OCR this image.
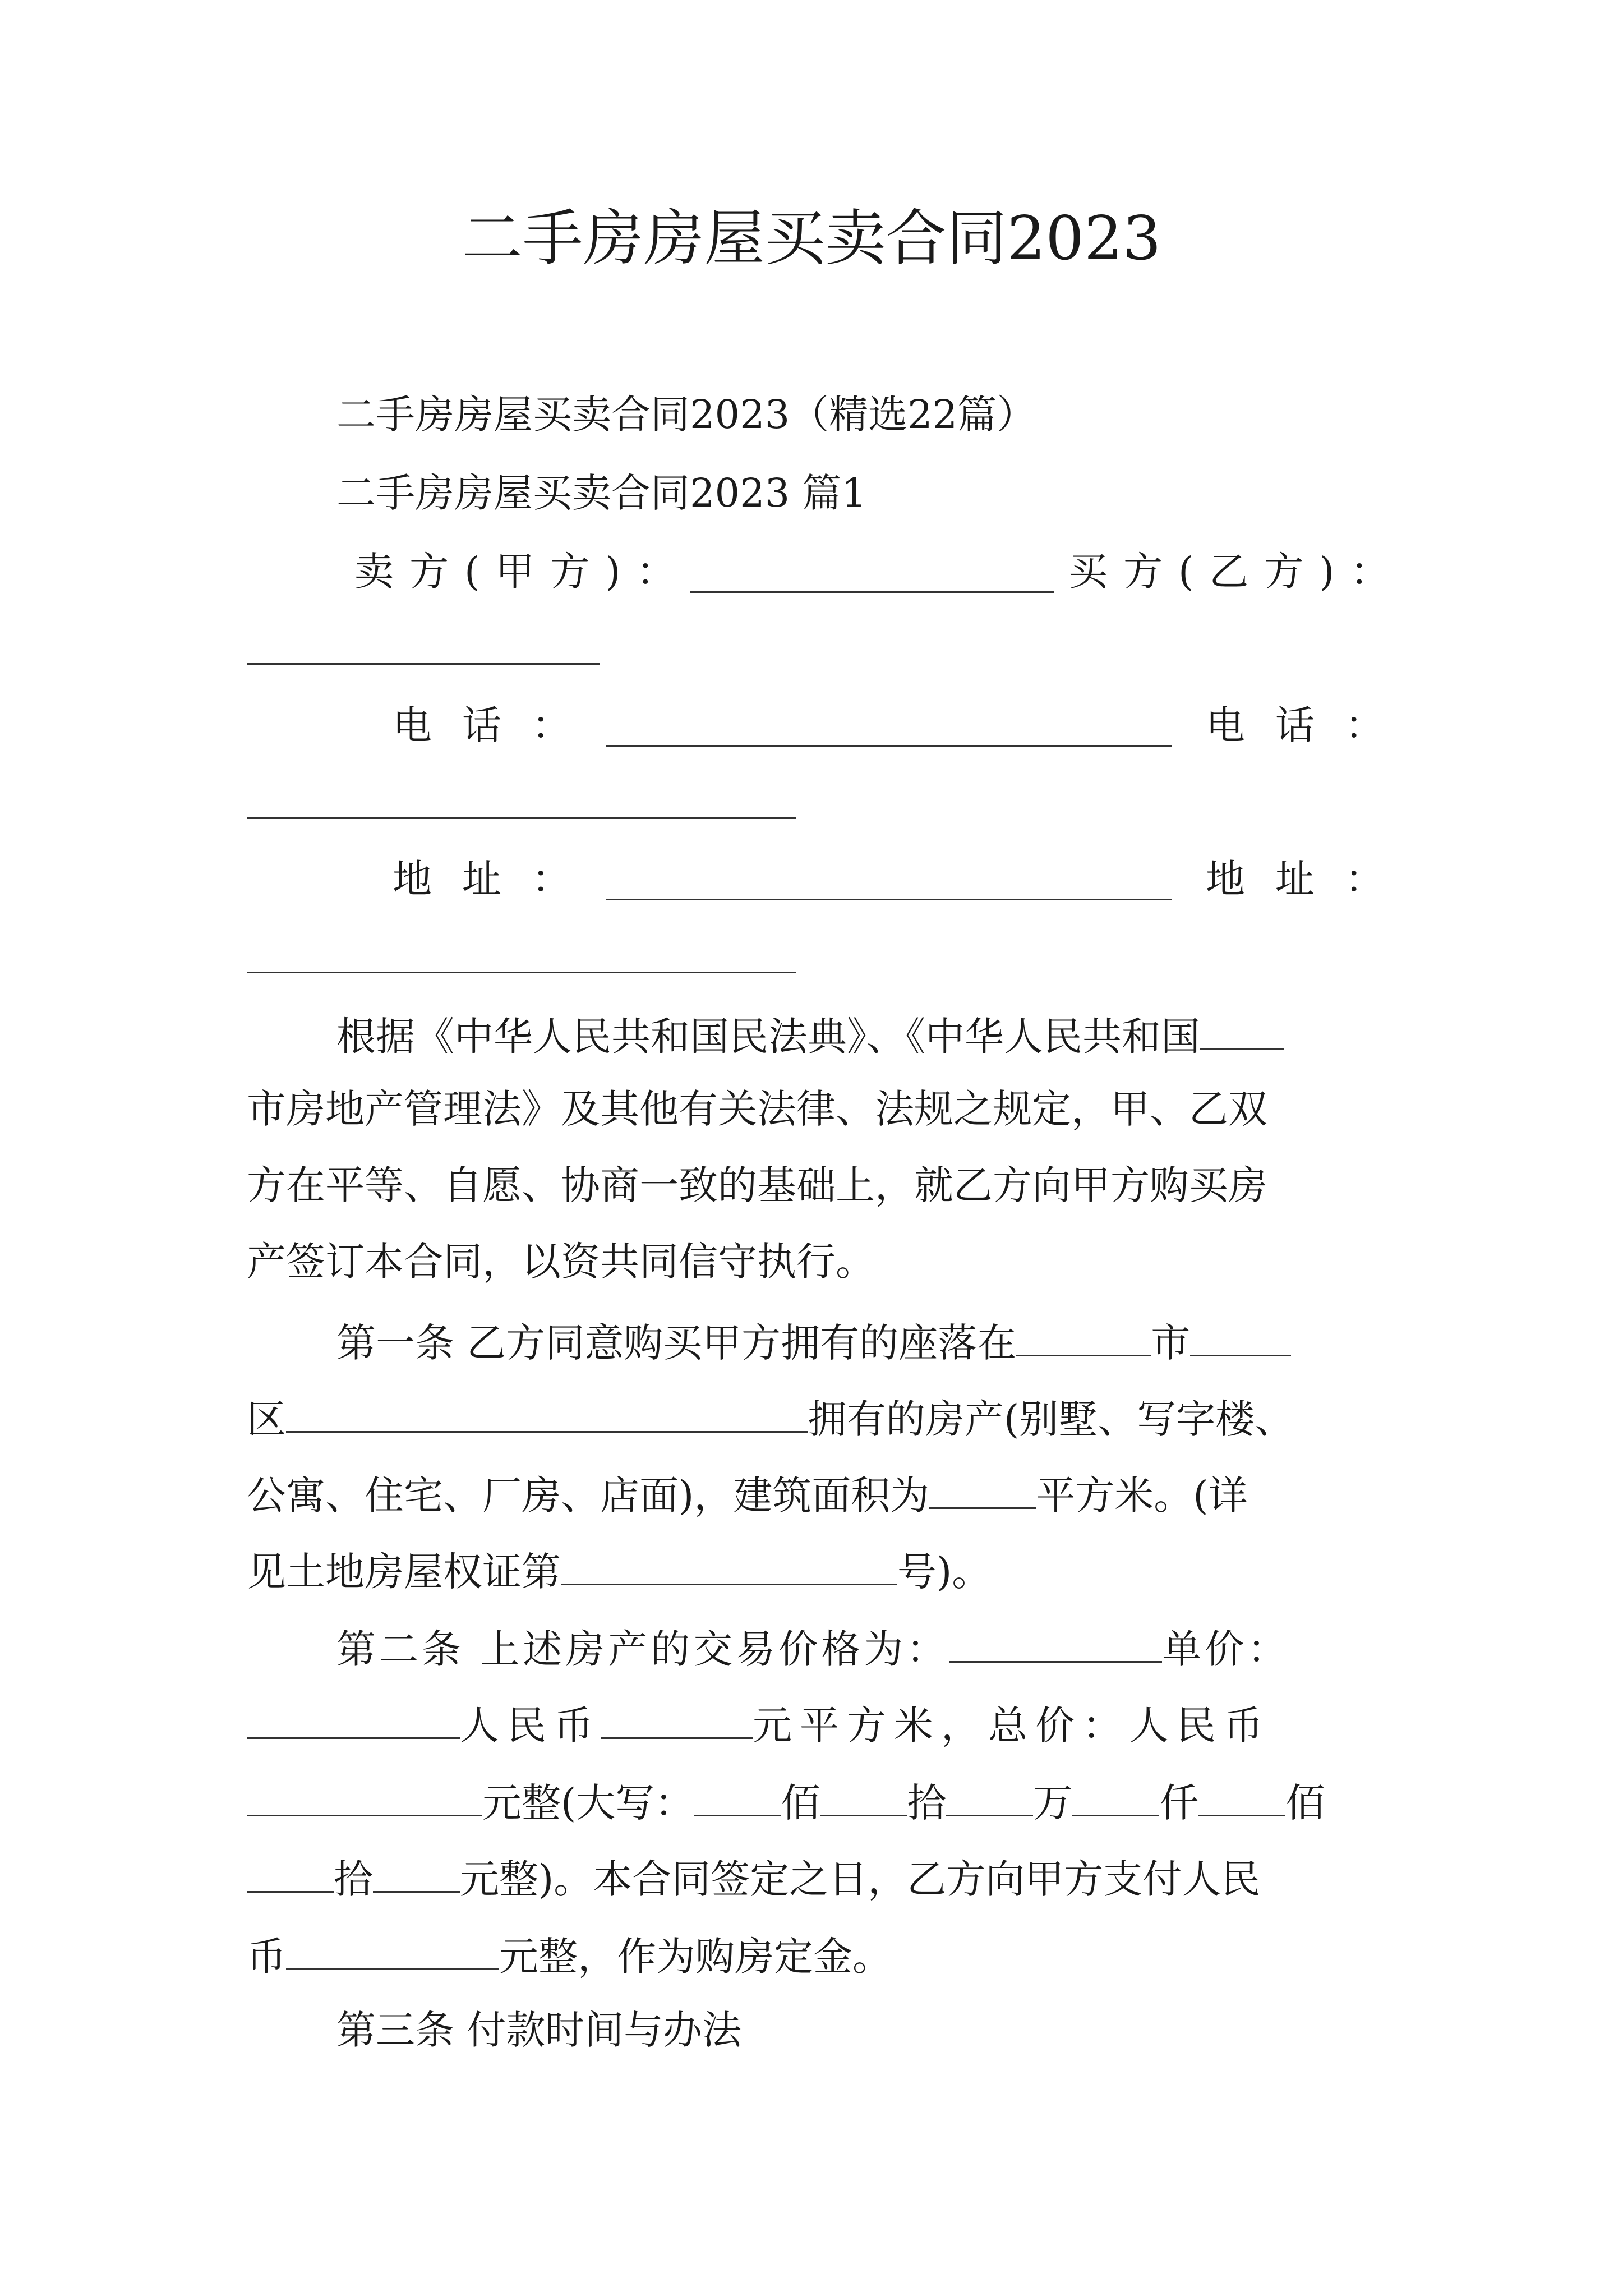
二手房房屋买卖合同2023

二手房房屋买卖合同2023（精选22篇）

二手房房屋买卖合同2023 篇1

卖方(甲方)：	买方(乙方)：
电话：	电话：
地址：	地址：

根据《中华人民共和国民法典》、《中华人民共和国

市房地产管理法》及其他有关法律、法规之规定，甲、乙双

方在平等、自愿、协商一致的基础上，就乙方向甲方购买房

产签订本合同，以资共同信守执行。

第一条 乙方同意购买甲方拥有的座落在	市

区	拥有的房产(别墅、写字楼、

公寓、住宅、厂房、店面)，建筑面积为	平方米。(详

见土地房屋权证第	号)。

第二条 上述房产的交易价格为：	单价：

人民币	元平方米，总价：人民币

元整(大写： 佰 拾 万 仟 佰

拾 元整)。本合同签定之日，乙方向甲方支付人民

币	元整，作为购房定金。

第三条 付款时间与办法
